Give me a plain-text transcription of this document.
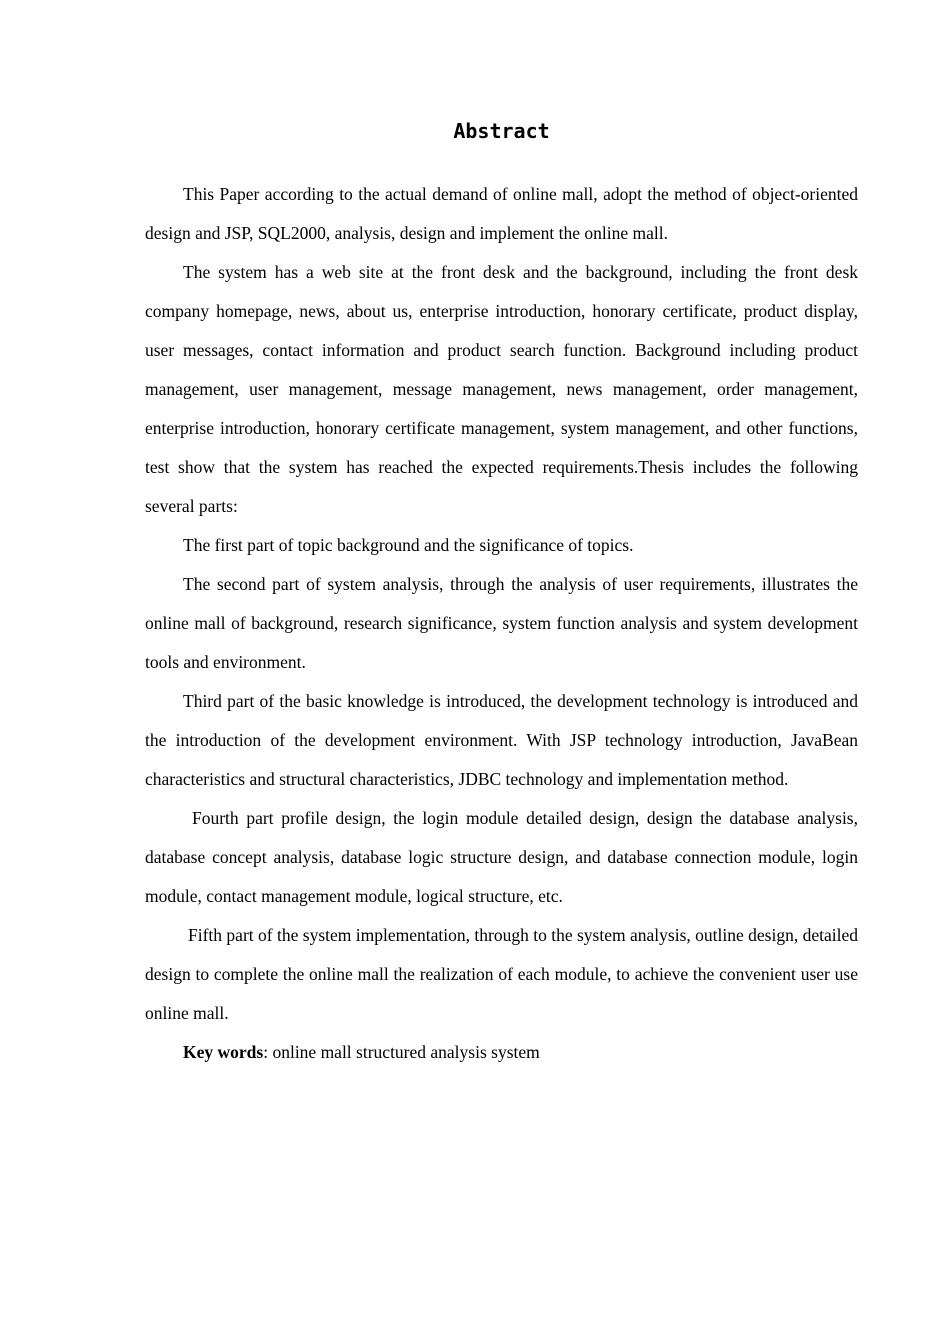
Abstract

This Paper according to the actual demand of online mall, adopt the method of object-oriented design and JSP, SQL2000, analysis, design and implement the online mall.

The system has a web site at the front desk and the background, including the front desk company homepage, news, about us, enterprise introduction, honorary certificate, product display, user messages, contact information and product search function. Background including product management, user management, message management, news management, order management, enterprise introduction, honorary certificate management, system management, and other functions, test show that the system has reached the expected requirements.Thesis includes the following several parts:

The first part of topic background and the significance of topics.

The second part of system analysis, through the analysis of user requirements, illustrates the online mall of background, research significance, system function analysis and system development tools and environment.

Third part of the basic knowledge is introduced, the development technology is introduced and the introduction of the development environment. With JSP technology introduction, JavaBean characteristics and structural characteristics, JDBC technology and implementation method.

Fourth part profile design, the login module detailed design, design the database analysis, database concept analysis, database logic structure design, and database connection module, login module, contact management module, logical structure, etc.

Fifth part of the system implementation, through to the system analysis, outline design, detailed design to complete the online mall the realization of each module, to achieve the convenient user use online mall.

Key words: online mall structured analysis system
